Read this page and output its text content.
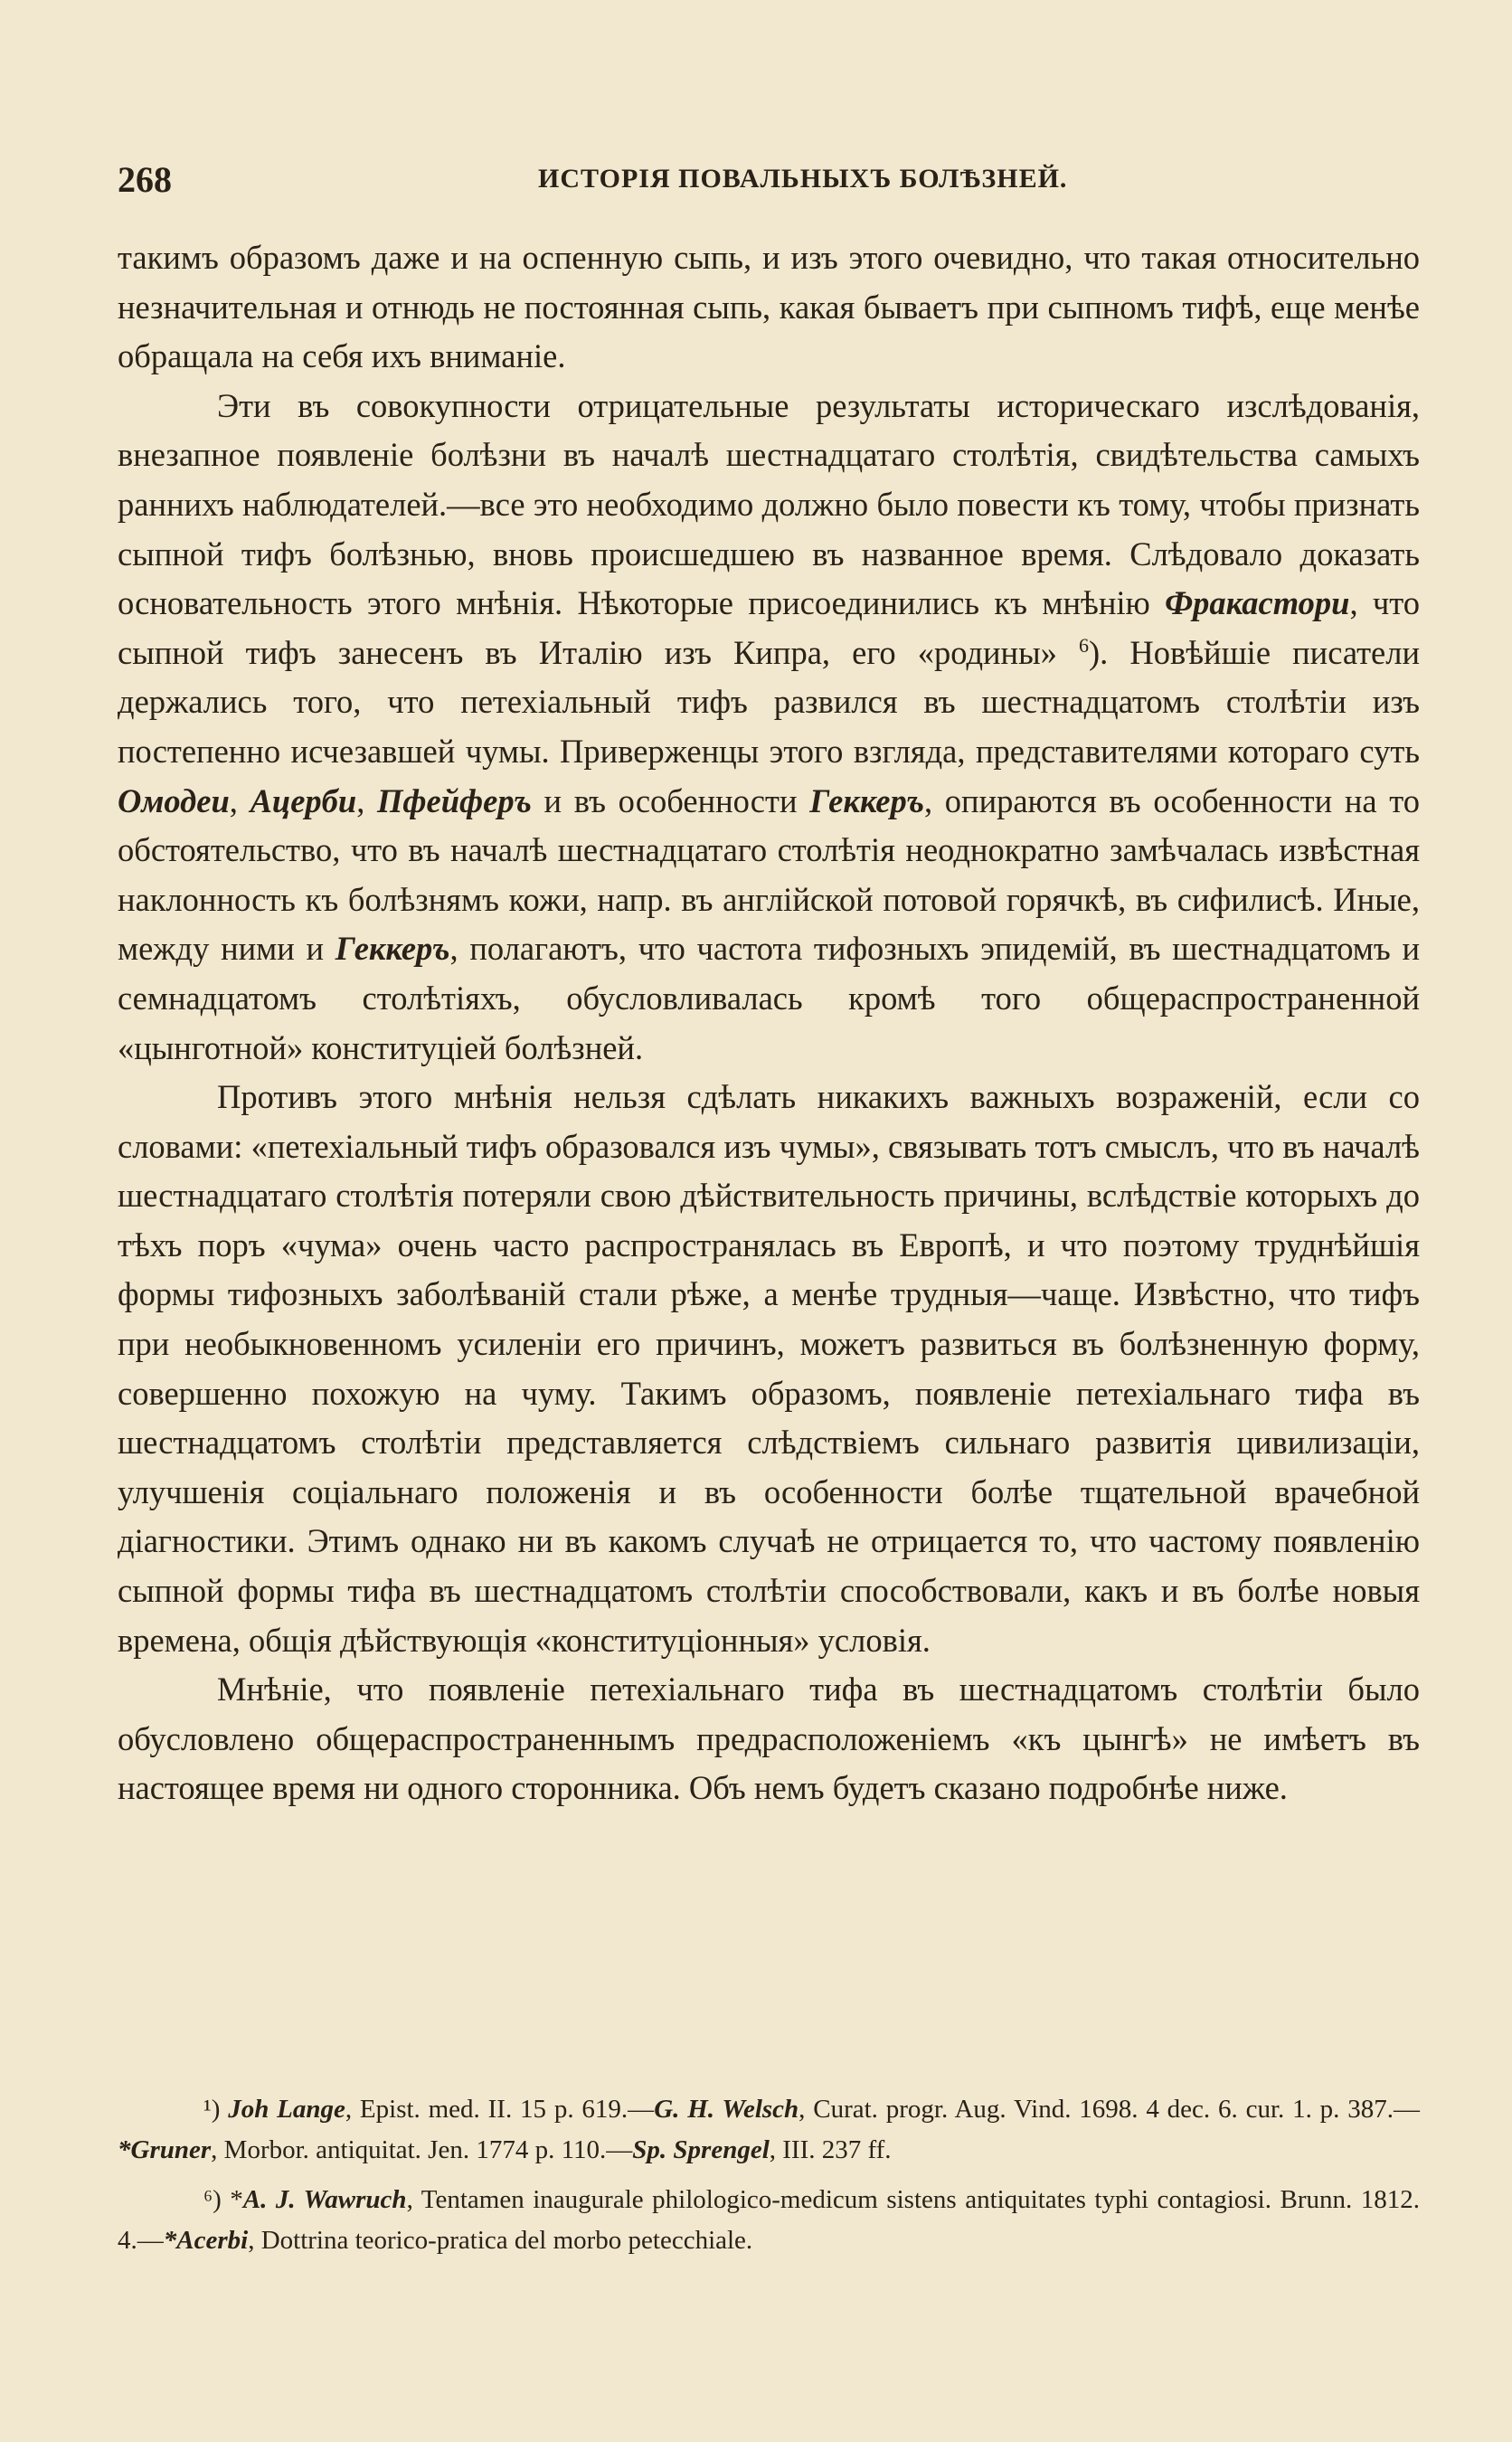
268	ИСТОРІЯ ПОВАЛЬНЫХЪ БОЛѢЗНЕЙ.

такимъ образомъ даже и на оспенную сыпь, и изъ этого очевидно, что такая относительно незначительная и отнюдь не постоянная сыпь, какая бываетъ при сыпномъ тифѣ, еще менѣе обращала на себя ихъ вниманіе.

Эти въ совокупности отрицательные результаты историческаго изслѣдованія, внезапное появленіе болѣзни въ началѣ шестнадцатаго столѣтія, свидѣтельства самыхъ раннихъ наблюдателей.—все это необходимо должно было повести къ тому, чтобы признать сыпной тифъ болѣзнью, вновь происшедшею въ названное время. Слѣдовало доказать основательность этого мнѣнія. Нѣкоторые присоединились къ мнѣнію Фракастори, что сыпной тифъ занесенъ въ Италію изъ Кипра, его «родины» $^6$). Новѣйшіе писатели держались того, что петехіальный тифъ развился въ шестнадцатомъ столѣтіи изъ постепенно исчезавшей чумы. Приверженцы этого взгляда, представителями котораго суть Омодеи, Ацерби, Пфейферъ и въ особенности Геккеръ, опираются въ особенности на то обстоятельство, что въ началѣ шестнадцатаго столѣтія неоднократно замѣчалась извѣстная наклонность къ болѣзнямъ кожи, напр. въ англійской потовой горячкѣ, въ сифилисѣ. Иные, между ними и Геккеръ, полагаютъ, что частота тифозныхъ эпидемій, въ шестнадцатомъ и семнадцатомъ столѣтіяхъ, обусловливалась кромѣ того общераспространенной «цынготной» конституціей болѣзней.

Противъ этого мнѣнія нельзя сдѣлать никакихъ важныхъ возраженій, если со словами: «петехіальный тифъ образовался изъ чумы», связывать тотъ смыслъ, что въ началѣ шестнадцатаго столѣтія потеряли свою дѣйствительность причины, вслѣдствіе которыхъ до тѣхъ поръ «чума» очень часто распространялась въ Европѣ, и что поэтому труднѣйшія формы тифозныхъ заболѣваній стали рѣже, а менѣе трудныя—чаще. Извѣстно, что тифъ при необыкновенномъ усиленіи его причинъ, можетъ развиться въ болѣзненную форму, совершенно похожую на чуму. Такимъ образомъ, появленіе петехіальнаго тифа въ шестнадцатомъ столѣтіи представляется слѣдствіемъ сильнаго развитія цивилизаціи, улучшенія соціальнаго положенія и въ особенности болѣе тщательной врачебной діагностики. Этимъ однако ни въ какомъ случаѣ не отрицается то, что частому появленію сыпной формы тифа въ шестнадцатомъ столѣтіи способствовали, какъ и въ болѣе новыя времена, общія дѣйствующія «конституціонныя» условія.

Мнѣніе, что появленіе петехіальнаго тифа въ шестнадцатомъ столѣтіи было обусловлено общераспространеннымъ предрасположеніемъ «къ цынгѣ» не имѣетъ въ настоящее время ни одного сторонника. Объ немъ будетъ сказано подробнѣе ниже.

¹) Joh Lange, Epist. med. II. 15 p. 619.—G. H. Welsch, Curat. progr. Aug. Vind. 1698. 4 dec. 6. cur. 1. p. 387.—*Gruner, Morbor. antiquitat. Jen. 1774 p. 110.—Sp. Sprengel, III. 237 ff.

⁶) *A. J. Wawruch, Tentamen inaugurale philologico-medicum sistens antiquitates typhi contagiosi. Brunn. 1812. 4.—*Acerbi, Dottrina teorico-pratica del morbo petecchiale.
